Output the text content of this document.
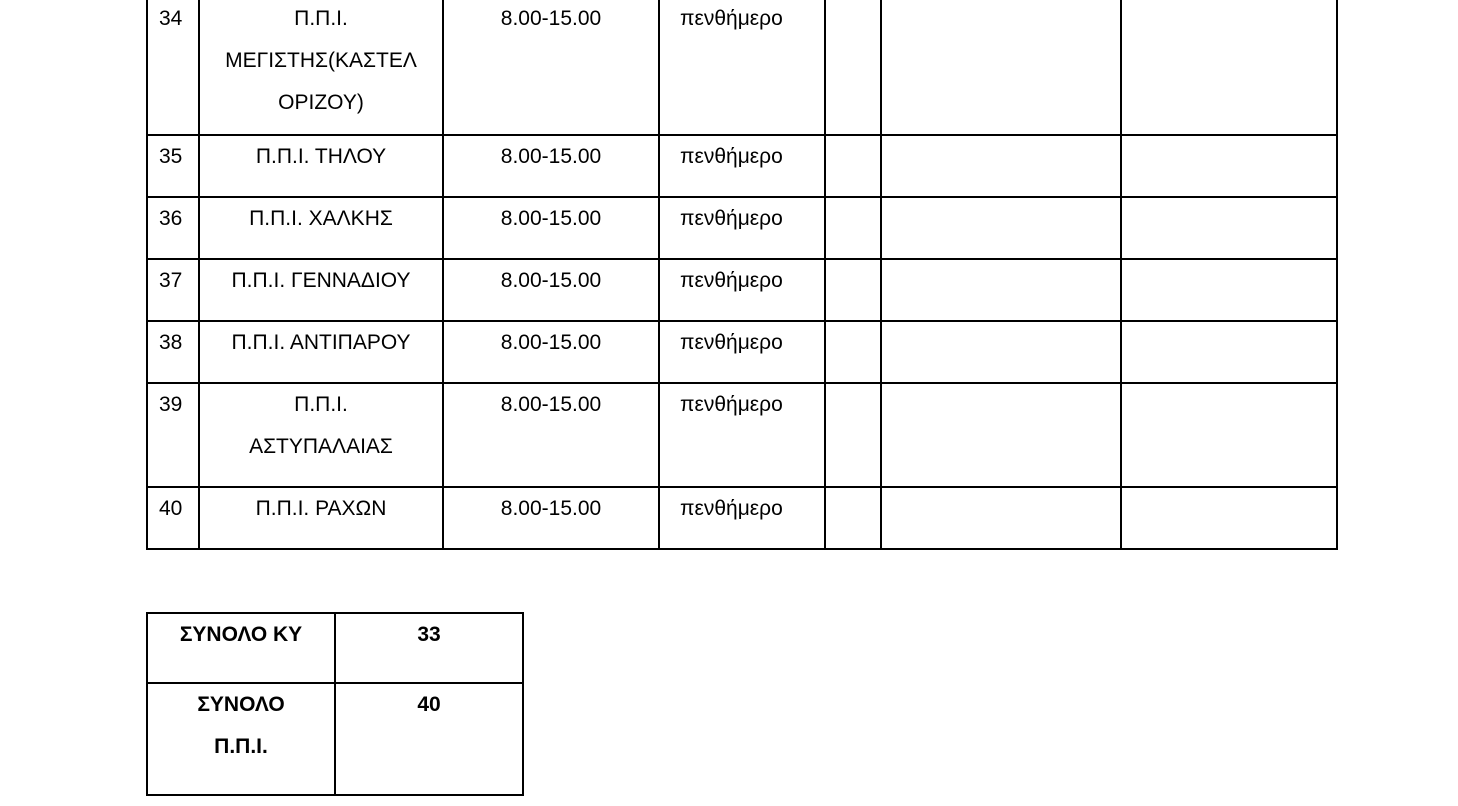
34	Π.Π.Ι. ΜΕΓΙΣΤΗΣ(ΚΑΣΤΕΛ ΟΡΙΖΟΥ)	8.00-15.00	πενθήμερο			
35	Π.Π.Ι. ΤΗΛΟΥ	8.00-15.00	πενθήμερο			
36	Π.Π.Ι. ΧΑΛΚΗΣ	8.00-15.00	πενθήμερο			
37	Π.Π.Ι. ΓΕΝΝΑΔΙΟΥ	8.00-15.00	πενθήμερο			
38	Π.Π.Ι. ΑΝΤΙΠΑΡΟΥ	8.00-15.00	πενθήμερο			
39	Π.Π.Ι. ΑΣΤΥΠΑΛΑΙΑΣ	8.00-15.00	πενθήμερο			
40	Π.Π.Ι. ΡΑΧΩΝ	8.00-15.00	πενθήμερο			
ΣΥΝΟΛΟ ΚΥ	33
ΣΥΝΟΛΟ Π.Π.Ι.	40
